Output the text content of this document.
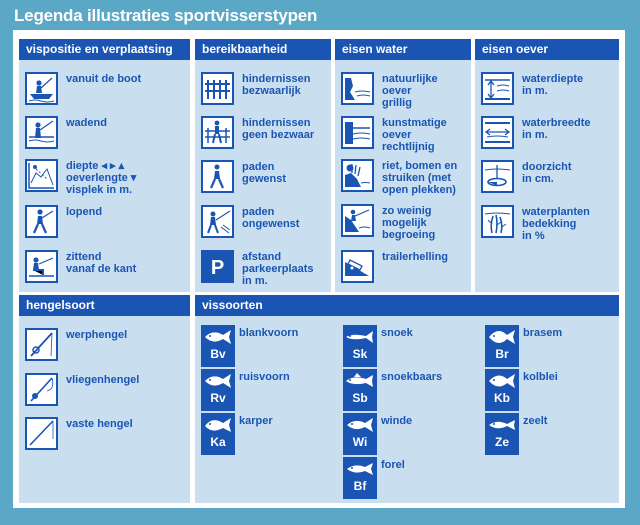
Legenda illustraties sportvisserstypen
vispositie en verplaatsing
vanuit de boot
wadend
diepte ◂ ▸ ▴
oeverlengte ▾
visplek in m.
lopend
zittend
vanaf de kant
bereikbaarheid
hindernissen
bezwaarlijk
hindernissen
geen bezwaar
paden
gewenst
paden
ongewenst
P afstand
parkeerplaats
in m.
eisen water
natuurlijke
oever
grillig
kunstmatige
oever
rechtlijnig
riet, bomen en
struiken (met
open plekken)
zo weinig
mogelijk
begroeing
trailerhelling
eisen oever
waterdiepte
in m.
waterbreedte
in m.
doorzicht
in cm.
waterplanten
bedekking
in %
hengelsoort
werphengel
vliegenhengel
vaste hengel
vissoorten
Bv
blankvoorn
Rv
ruisvoorn
Ka
karper
Sk
snoek
Sb
snoekbaars
Wi
winde
Bf
forel
Br
brasem
Kb
kolblei
Ze
zeelt
